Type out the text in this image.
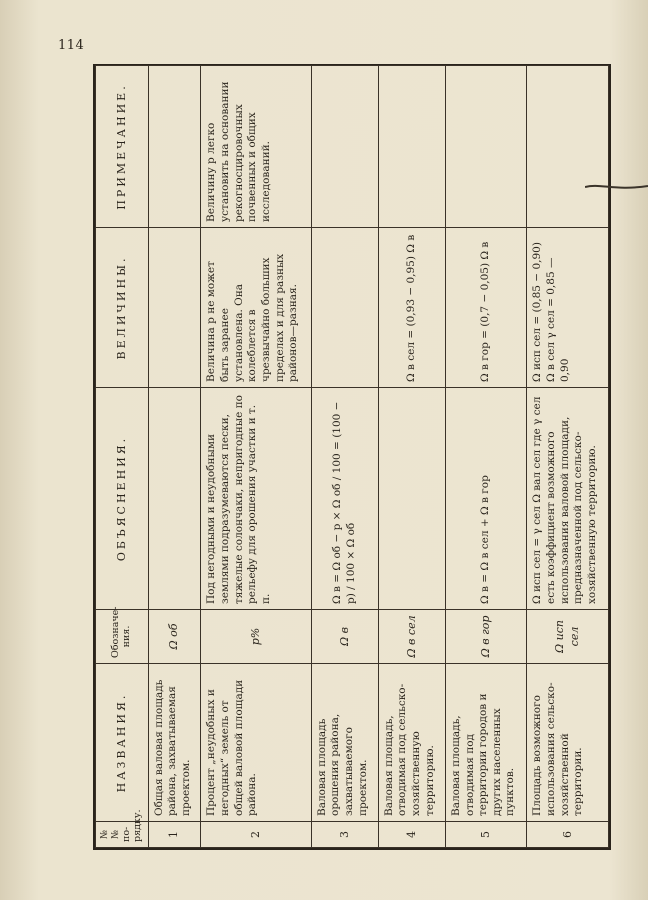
114
№№ по-рядку.	НАЗВАНИЯ.	Обозначе-ния.	ОБЪЯСНЕНИЯ.	ВЕЛИЧИНЫ.	ПРИМЕЧАНИЕ.
1	Общая валовая площадь района, захватываемая проектом.	Ω об			
2	Процент „неудобных и негодных“ земель от общей валовой площади района.	p%	Под негодными и неудобными землями подразумеваются пески, тяжелые солончаки, непригодные по рельефу для орошения участки и т. п.	Величина p не может быть заранее установлена. Она колеблется в чрезвычайно больших пределах и для разных районов—разная.	Величину p легко установить на основании рекогносцировочных почвенных и общих исследований.
3	Валовая площадь орошения района, захватываемого проектом.	Ω в	Ω в = Ω об − p × Ω об / 100 = (100 − p) / 100 × Ω об		
4	Валовая площадь, отводимая под сельско-хозяйственную территорию.	Ω в сел		Ω в сел = (0,93 − 0,95) Ω в	
5	Валовая площадь, отводимая под территории городов и других населенных пунктов.	Ω в гор	Ω в = Ω в сел + Ω в гор	Ω в гор = (0,7 − 0,05) Ω в	
6	Площадь возможного использования сельско-хозяйственной территории.	Ω исп сел	Ω исп сел = γ сел Ω вал сел где γ сел есть коэффициент возможного использования валовой площади, предназначенной под сельско-хозяйственную территорию.	Ω исп сел = (0,85 − 0,90) Ω в сел γ сел = 0,85 — 0,90	
